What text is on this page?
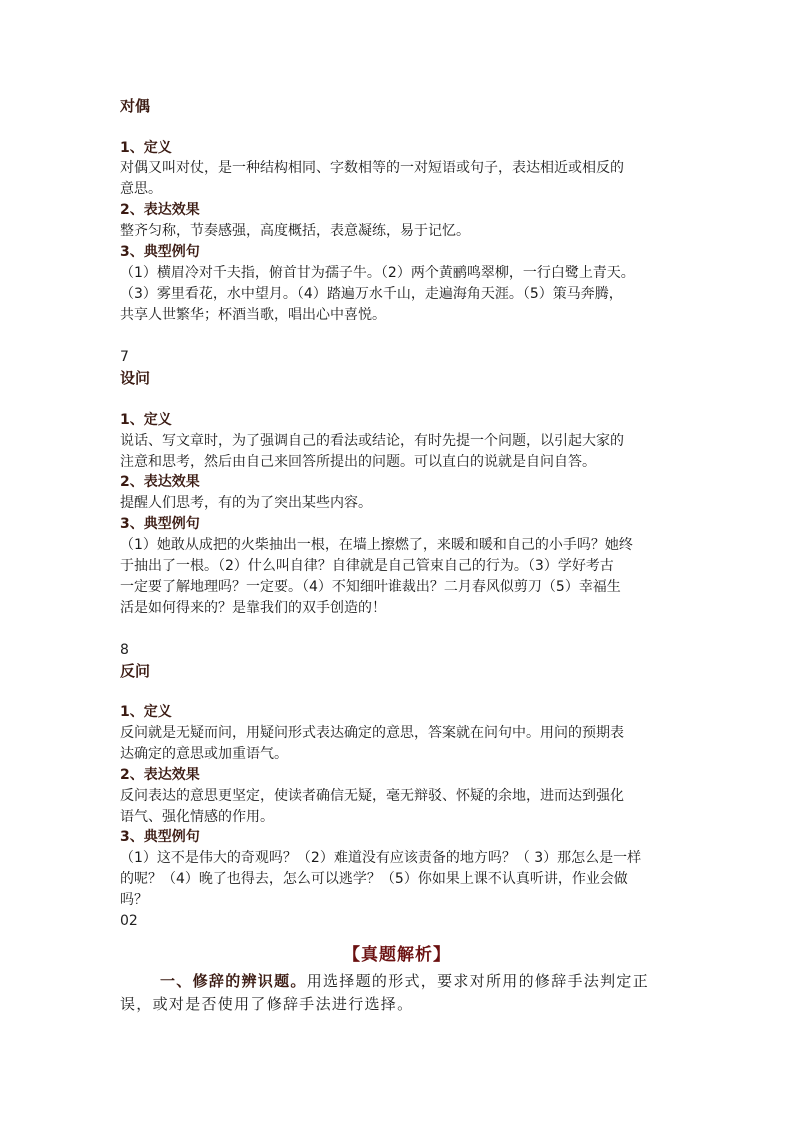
对偶
1、定义
对偶又叫对仗，是一种结构相同、字数相等的一对短语或句子，表达相近或相反的
意思。
2、表达效果
整齐匀称，节奏感强，高度概括，表意凝练，易于记忆。
3、典型例句
（1）横眉冷对千夫指，俯首甘为孺子牛。（2）两个黄鹂鸣翠柳，一行白鹭上青天。
（3）雾里看花，水中望月。（4）踏遍万水千山，走遍海角天涯。（5）策马奔腾，
共享人世繁华；杯酒当歌，唱出心中喜悦。
7
设问
1、定义
说话、写文章时，为了强调自己的看法或结论，有时先提一个问题，以引起大家的
注意和思考，然后由自己来回答所提出的问题。可以直白的说就是自问自答。
2、表达效果
提醒人们思考，有的为了突出某些内容。
3、典型例句
（1）她敢从成把的火柴抽出一根，在墙上擦燃了，来暖和暖和自己的小手吗？她终
于抽出了一根。（2）什么叫自律？自律就是自己管束自己的行为。（3）学好考古
一定要了解地理吗？一定要。（4）不知细叶谁裁出？二月春风似剪刀（5）幸福生
活是如何得来的？是靠我们的双手创造的！
8
反问
1、定义
反问就是无疑而问，用疑问形式表达确定的意思，答案就在问句中。用问的预期表
达确定的意思或加重语气。
2、表达效果
反问表达的意思更坚定，使读者确信无疑，毫无辩驳、怀疑的余地，进而达到强化
语气、强化情感的作用。
3、典型例句
（1）这不是伟大的奇观吗？（2）难道没有应该责备的地方吗？（ 3）那怎么是一样
的呢？（4）晚了也得去，怎么可以逃学？（5）你如果上课不认真听讲，作业会做
吗？
02
【真题解析】
一、修辞的辨识题。用选择题的形式，要求对所用的修辞手法判定正误，或对是否使用了修辞手法进行选择。
